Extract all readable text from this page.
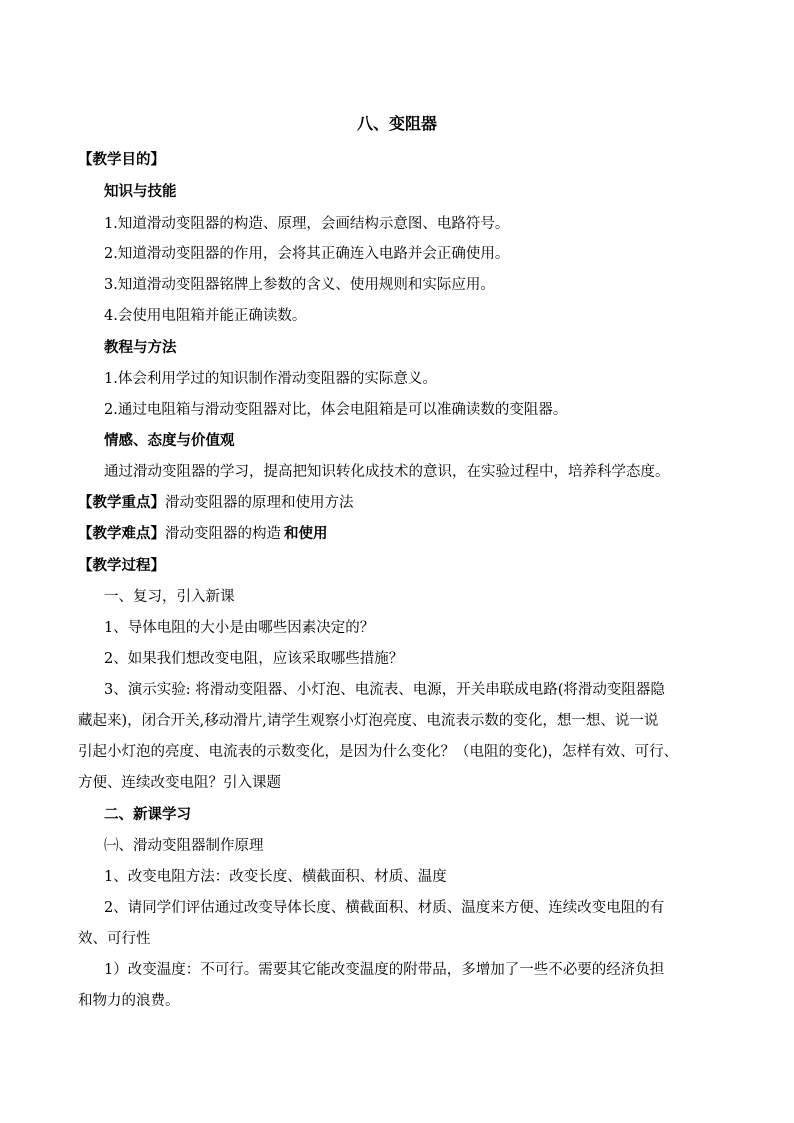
八、变阻器
【教学目的】
知识与技能
1.知道滑动变阻器的构造、原理，会画结构示意图、电路符号。
2.知道滑动变阻器的作用，会将其正确连入电路并会正确使用。
3.知道滑动变阻器铭牌上参数的含义、使用规则和实际应用。
4.会使用电阻箱并能正确读数。
教程与方法
1.体会利用学过的知识制作滑动变阻器的实际意义。
2.通过电阻箱与滑动变阻器对比，体会电阻箱是可以准确读数的变阻器。
情感、态度与价值观
通过滑动变阻器的学习，提高把知识转化成技术的意识，在实验过程中，培养科学态度。
【教学重点】滑动变阻器的原理和使用方法
【教学难点】滑动变阻器的构造 和使用
【教学过程】
一、复习，引入新课
1、导体电阻的大小是由哪些因素决定的？
2、如果我们想改变电阻，应该采取哪些措施？
3、演示实验: 将滑动变阻器、小灯泡、电流表、电源，开关串联成电路(将滑动变阻器隐
藏起来)，闭合开关,移动滑片,请学生观察小灯泡亮度、电流表示数的变化，想一想、说一说
引起小灯泡的亮度、电流表的示数变化，是因为什么变化？（电阻的变化)，怎样有效、可行、
方便、连续改变电阻？引入课题
二、新课学习
㈠、滑动变阻器制作原理
1、改变电阻方法：改变长度、横截面积、材质、温度
2、请同学们评估通过改变导体长度、横截面积、材质、温度来方便、连续改变电阻的有
效、可行性
1）改变温度：不可行。需要其它能改变温度的附带品，多增加了一些不必要的经济负担
和物力的浪费。
